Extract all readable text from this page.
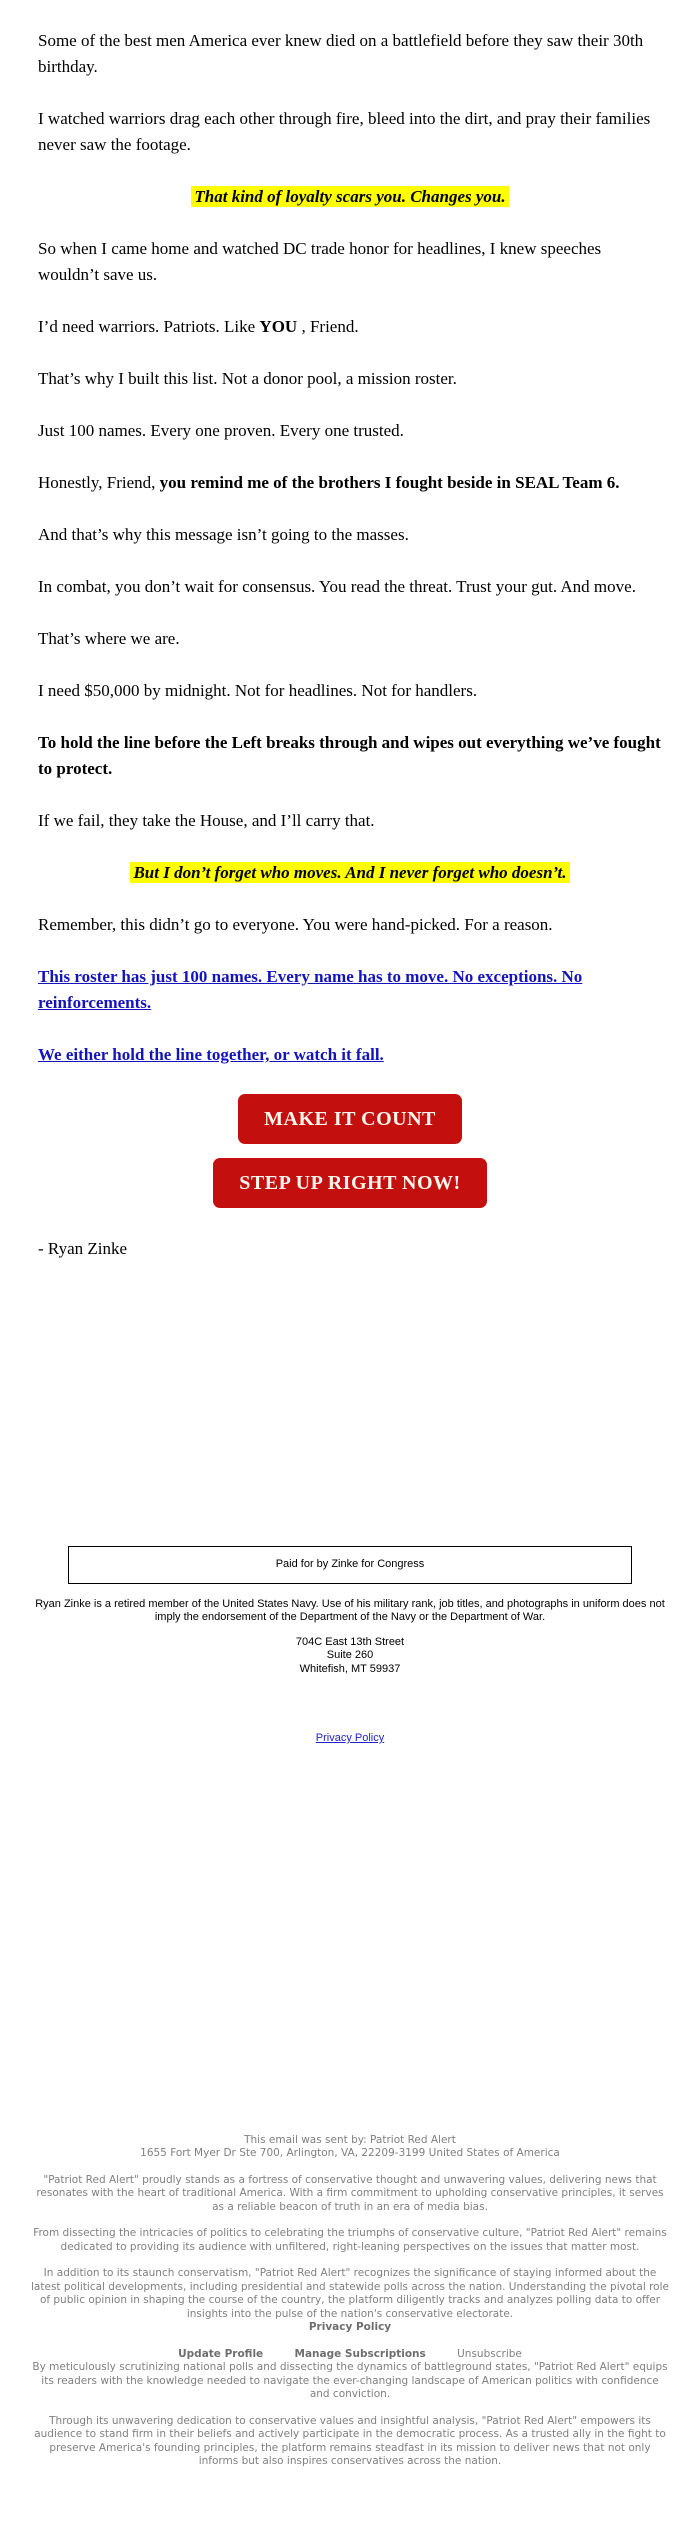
Some of the best men America ever knew died on a battlefield before they saw their 30th birthday.

I watched warriors drag each other through fire, bleed into the dirt, and pray their families never saw the footage.

That kind of loyalty scars you. Changes you.

So when I came home and watched DC trade honor for headlines, I knew speeches wouldn’t save us.

I’d need warriors. Patriots. Like YOU , Friend.

That’s why I built this list. Not a donor pool, a mission roster.

Just 100 names. Every one proven. Every one trusted.

Honestly, Friend, you remind me of the brothers I fought beside in SEAL Team 6.

And that’s why this message isn’t going to the masses.

In combat, you don’t wait for consensus. You read the threat. Trust your gut. And move.

That’s where we are.

I need $50,000 by midnight. Not for headlines. Not for handlers.

To hold the line before the Left breaks through and wipes out everything we’ve fought to protect.

If we fail, they take the House, and I’ll carry that.

But I don’t forget who moves. And I never forget who doesn’t.

Remember, this didn’t go to everyone. You were hand-picked. For a reason.

This roster has just 100 names. Every name has to move. No exceptions. No reinforcements.

We either hold the line together, or watch it fall.

MAKE IT COUNT
STEP UP RIGHT NOW!

- Ryan Zinke

Paid for by Zinke for Congress
Ryan Zinke is a retired member of the United States Navy. Use of his military rank, job titles, and photographs in uniform does not imply the endorsement of the Department of the Navy or the Department of War.
704C East 13th Street
Suite 260
Whitefish, MT 59937
Privacy Policy
This email was sent by: Patriot Red Alert
1655 Fort Myer Dr Ste 700, Arlington, VA, 22209-3199 United States of America
"Patriot Red Alert" proudly stands as a fortress of conservative thought and unwavering values, delivering news that resonates with the heart of traditional America. With a firm commitment to upholding conservative principles, it serves as a reliable beacon of truth in an era of media bias.
From dissecting the intricacies of politics to celebrating the triumphs of conservative culture, "Patriot Red Alert" remains dedicated to providing its audience with unfiltered, right-leaning perspectives on the issues that matter most.
In addition to its staunch conservatism, "Patriot Red Alert" recognizes the significance of staying informed about the latest political developments, including presidential and statewide polls across the nation. Understanding the pivotal role of public opinion in shaping the course of the country, the platform diligently tracks and analyzes polling data to offer insights into the pulse of the nation's conservative electorate.
Privacy Policy
Update Profile	Manage Subscriptions	Unsubscribe
By meticulously scrutinizing national polls and dissecting the dynamics of battleground states, "Patriot Red Alert" equips its readers with the knowledge needed to navigate the ever-changing landscape of American politics with confidence and conviction.
Through its unwavering dedication to conservative values and insightful analysis, "Patriot Red Alert" empowers its audience to stand firm in their beliefs and actively participate in the democratic process. As a trusted ally in the fight to preserve America's founding principles, the platform remains steadfast in its mission to deliver news that not only informs but also inspires conservatives across the nation.
